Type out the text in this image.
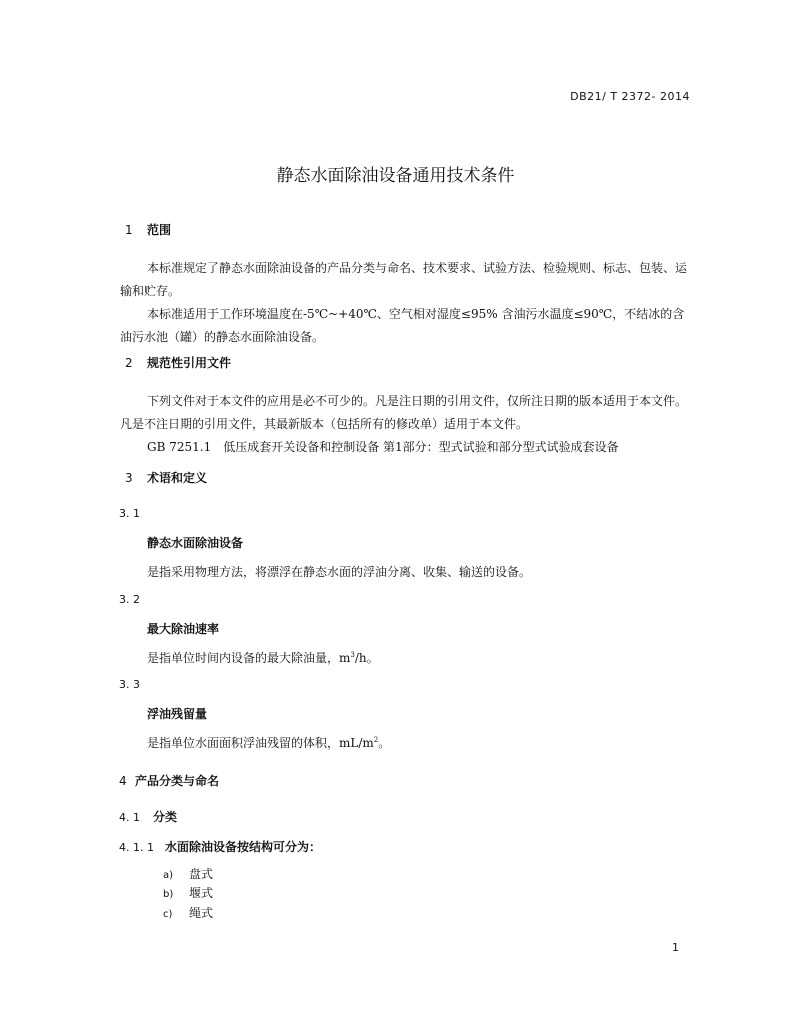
DB21/ T 2372- 2014
静态水面除油设备通用技术条件
1 范围
本标准规定了静态水面除油设备的产品分类与命名、技术要求、试验方法、检验规则、标志、包装、运输和贮存。
本标准适用于工作环境温度在-5℃~+40℃、空气相对湿度≤95% 含油污水温度≤90℃，不结冰的含油污水池（罐）的静态水面除油设备。
2 规范性引用文件
下列文件对于本文件的应用是必不可少的。凡是注日期的引用文件，仅所注日期的版本适用于本文件。凡是不注日期的引用文件，其最新版本（包括所有的修改单）适用于本文件。
GB 7251.1 低压成套开关设备和控制设备 第1部分：型式试验和部分型式试验成套设备
3 术语和定义
3. 1
静态水面除油设备
是指采用物理方法，将漂浮在静态水面的浮油分离、收集、输送的设备。
3. 2
最大除油速率
是指单位时间内设备的最大除油量，$m^3/h$。
3. 3
浮油残留量
是指单位水面面积浮油残留的体积，$mL/m^2$。
4 产品分类与命名
4. 1 分类
4. 1. 1 水面除油设备按结构可分为：
a) 盘式
b) 堰式
c) 绳式
1
